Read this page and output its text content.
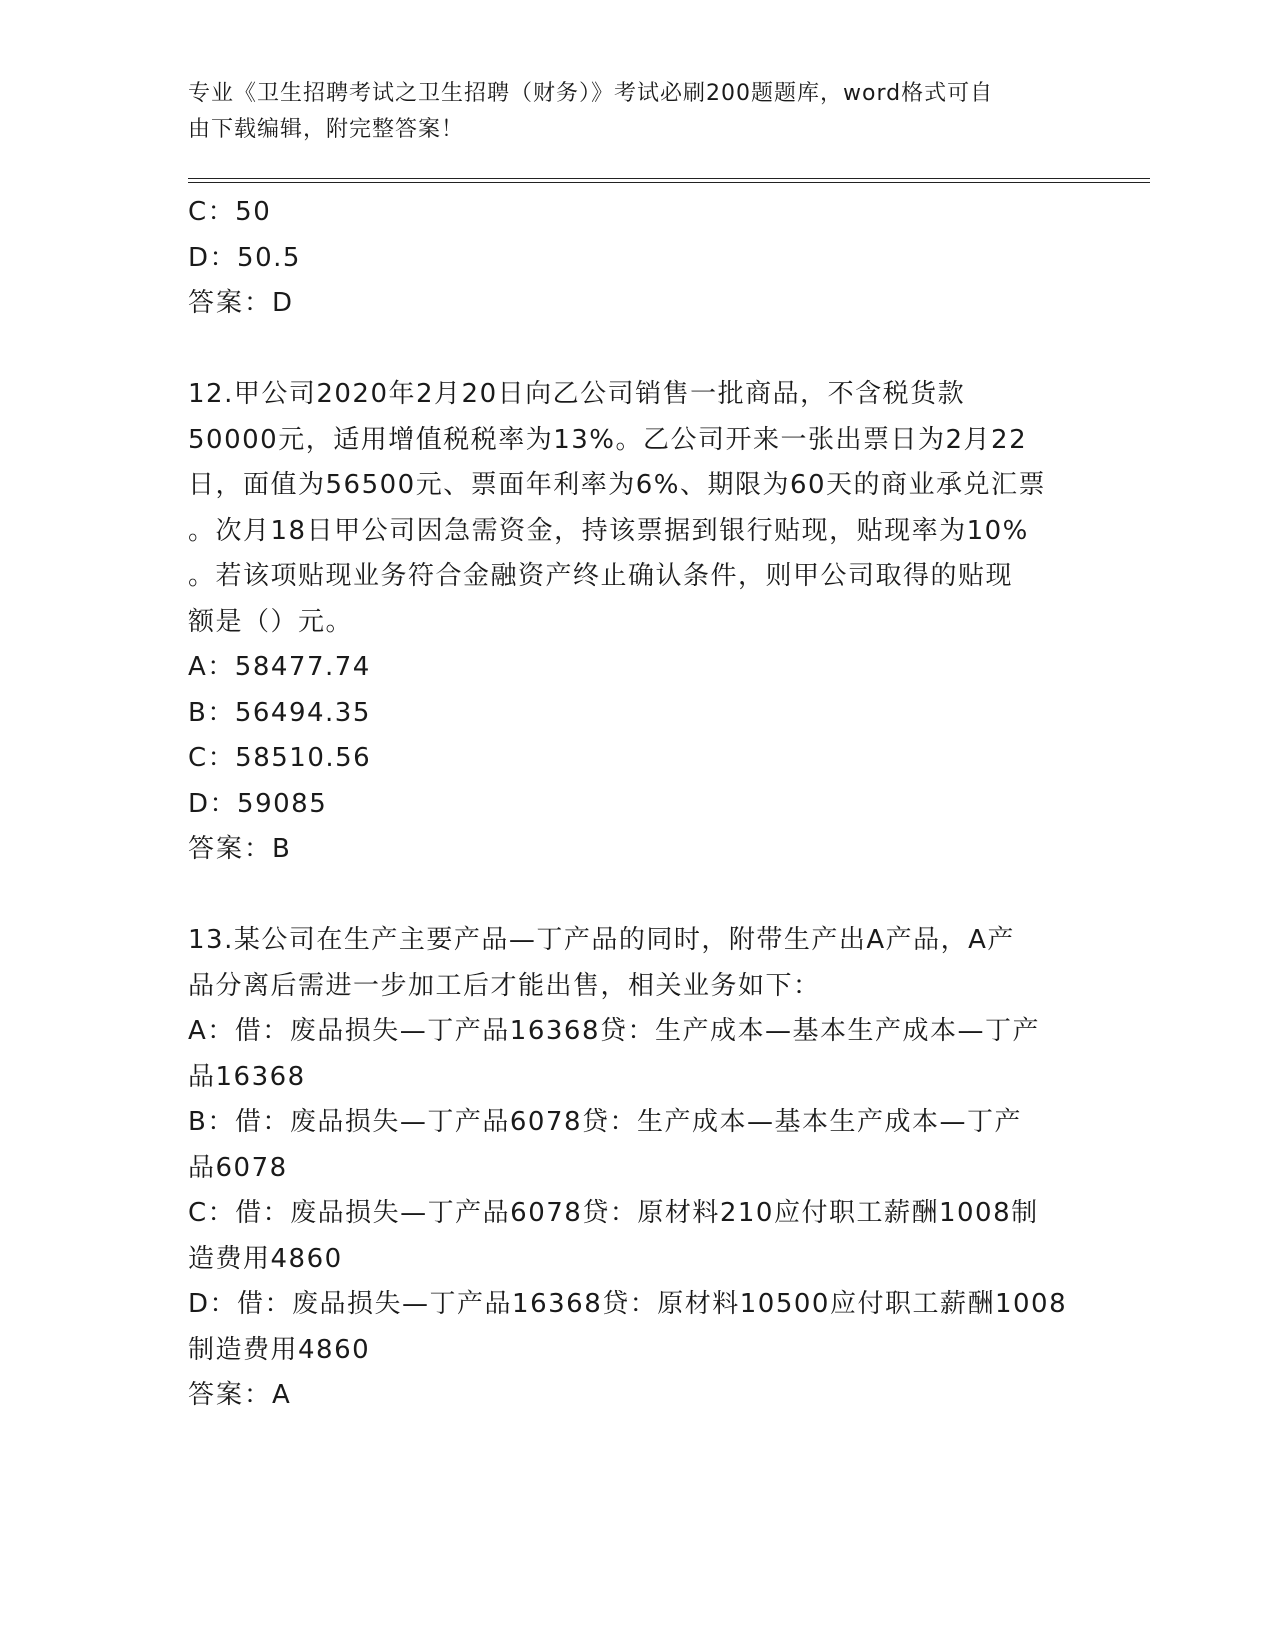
专业《卫生招聘考试之卫生招聘（财务）》考试必刷200题题库，word格式可自
由下载编辑，附完整答案！
C：50
D：50.5
答案：D
12.甲公司2020年2月20日向乙公司销售一批商品，不含税货款
50000元，适用增值税税率为13%。乙公司开来一张出票日为2月22
日，面值为56500元、票面年利率为6%、期限为60天的商业承兑汇票
。次月18日甲公司因急需资金，持该票据到银行贴现，贴现率为10%
。若该项贴现业务符合金融资产终止确认条件，则甲公司取得的贴现
额是（）元。
A：58477.74
B：56494.35
C：58510.56
D：59085
答案：B
13.某公司在生产主要产品—丁产品的同时，附带生产出A产品，A产
品分离后需进一步加工后才能出售，相关业务如下：
A：借：废品损失—丁产品16368贷：生产成本—基本生产成本—丁产
品16368
B：借：废品损失—丁产品6078贷：生产成本—基本生产成本—丁产
品6078
C：借：废品损失—丁产品6078贷：原材料210应付职工薪酬1008制
造费用4860
D：借：废品损失—丁产品16368贷：原材料10500应付职工薪酬1008
制造费用4860
答案：A
